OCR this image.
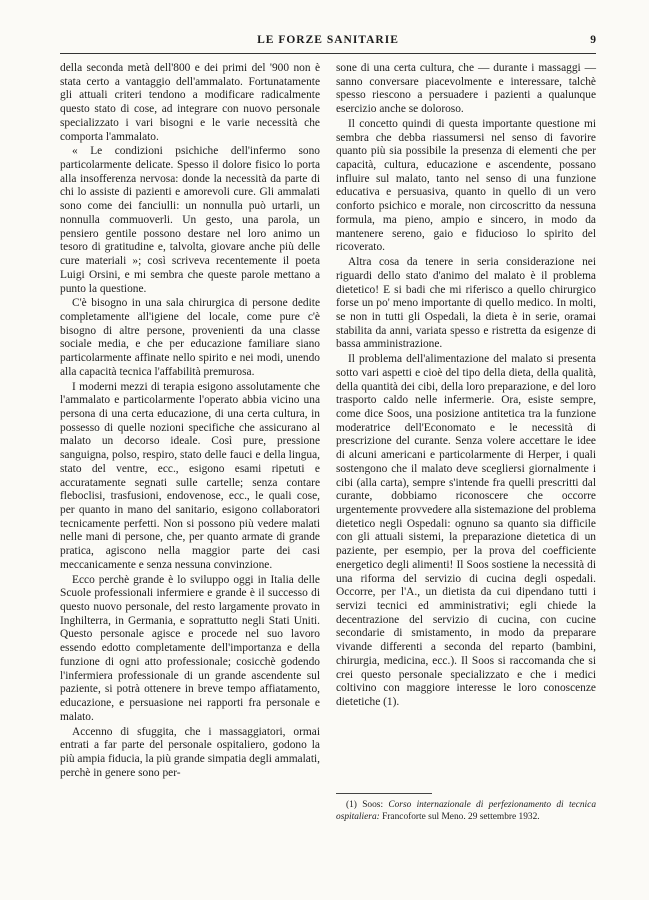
LE FORZE SANITARIE	9

della seconda metà dell'800 e dei primi del '900 non è stata certo a vantaggio dell'ammalato. Fortunatamente gli attuali criteri tendono a modificare radicalmente questo stato di cose, ad integrare con nuovo personale specializzato i vari bisogni e le varie necessità che comporta l'ammalato.

« Le condizioni psichiche dell'infermo sono particolarmente delicate. Spesso il dolore fisico lo porta alla insofferenza nervosa: donde la necessità da parte di chi lo assiste di pazienti e amorevoli cure. Gli ammalati sono come dei fanciulli: un nonnulla può urtarli, un nonnulla commuoverli. Un gesto, una parola, un pensiero gentile possono destare nel loro animo un tesoro di gratitudine e, talvolta, giovare anche più delle cure materiali »; così scriveva recentemente il poeta Luigi Orsini, e mi sembra che queste parole mettano a punto la questione.

C'è bisogno in una sala chirurgica di persone dedite completamente all'igiene del locale, come pure c'è bisogno di altre persone, provenienti da una classe sociale media, e che per educazione familiare siano particolarmente affinate nello spirito e nei modi, unendo alla capacità tecnica l'affabilità premurosa.

I moderni mezzi di terapia esigono assolutamente che l'ammalato e particolarmente l'operato abbia vicino una persona di una certa educazione, di una certa cultura, in possesso di quelle nozioni specifiche che assicurano al malato un decorso ideale. Così pure, pressione sanguigna, polso, respiro, stato delle fauci e della lingua, stato del ventre, ecc., esigono esami ripetuti e accuratamente segnati sulle cartelle; senza contare fleboclisi, trasfusioni, endovenose, ecc., le quali cose, per quanto in mano del sanitario, esigono collaboratori tecnicamente perfetti. Non si possono più vedere malati nelle mani di persone, che, per quanto armate di grande pratica, agiscono nella maggior parte dei casi meccanicamente e senza nessuna convinzione.

Ecco perchè grande è lo sviluppo oggi in Italia delle Scuole professionali infermiere e grande è il successo di questo nuovo personale, del resto largamente provato in Inghilterra, in Germania, e soprattutto negli Stati Uniti. Questo personale agisce e procede nel suo lavoro essendo edotto completamente dell'importanza e della funzione di ogni atto professionale; cosicchè godendo l'infermiera professionale di un grande ascendente sul paziente, si potrà ottenere in breve tempo affiatamento, educazione, e persuasione nei rapporti fra personale e malato.

Accenno di sfuggita, che i massaggiatori, ormai entrati a far parte del personale ospitaliero, godono la più ampia fiducia, la più grande simpatia degli ammalati, perchè in genere sono per-

sone di una certa cultura, che — durante i massaggi — sanno conversare piacevolmente e interessare, talchè spesso riescono a persuadere i pazienti a qualunque esercizio anche se doloroso.

Il concetto quindi di questa importante questione mi sembra che debba riassumersi nel senso di favorire quanto più sia possibile la presenza di elementi che per capacità, cultura, educazione e ascendente, possano influire sul malato, tanto nel senso di una funzione educativa e persuasiva, quanto in quello di un vero conforto psichico e morale, non circoscritto da nessuna formula, ma pieno, ampio e sincero, in modo da mantenere sereno, gaio e fiducioso lo spirito del ricoverato.

Altra cosa da tenere in seria considerazione nei riguardi dello stato d'animo del malato è il problema dietetico! E si badi che mi riferisco a quello chirurgico forse un po' meno importante di quello medico. In molti, se non in tutti gli Ospedali, la dieta è in serie, oramai stabilita da anni, variata spesso e ristretta da esigenze di bassa amministrazione.

Il problema dell'alimentazione del malato si presenta sotto vari aspetti e cioè del tipo della dieta, della qualità, della quantità dei cibi, della loro preparazione, e del loro trasporto caldo nelle infermerie. Ora, esiste sempre, come dice Soos, una posizione antitetica tra la funzione moderatrice dell'Economato e le necessità di prescrizione del curante. Senza volere accettare le idee di alcuni americani e particolarmente di Herper, i quali sostengono che il malato deve scegliersi giornalmente i cibi (alla carta), sempre s'intende fra quelli prescritti dal curante, dobbiamo riconoscere che occorre urgentemente provvedere alla sistemazione del problema dietetico negli Ospedali: ognuno sa quanto sia difficile con gli attuali sistemi, la preparazione dietetica di un paziente, per esempio, per la prova del coefficiente energetico degli alimenti! Il Soos sostiene la necessità di una riforma del servizio di cucina degli ospedali. Occorre, per l'A., un dietista da cui dipendano tutti i servizi tecnici ed amministrativi; egli chiede la decentrazione del servizio di cucina, con cucine secondarie di smistamento, in modo da preparare vivande differenti a seconda del reparto (bambini, chirurgia, medicina, ecc.). Il Soos si raccomanda che si crei questo personale specializzato e che i medici coltivino con maggiore interesse le loro conoscenze dietetiche (1).

(1) Soos: Corso internazionale di perfezionamento di tecnica ospitaliera: Francoforte sul Meno. 29 settembre 1932.
